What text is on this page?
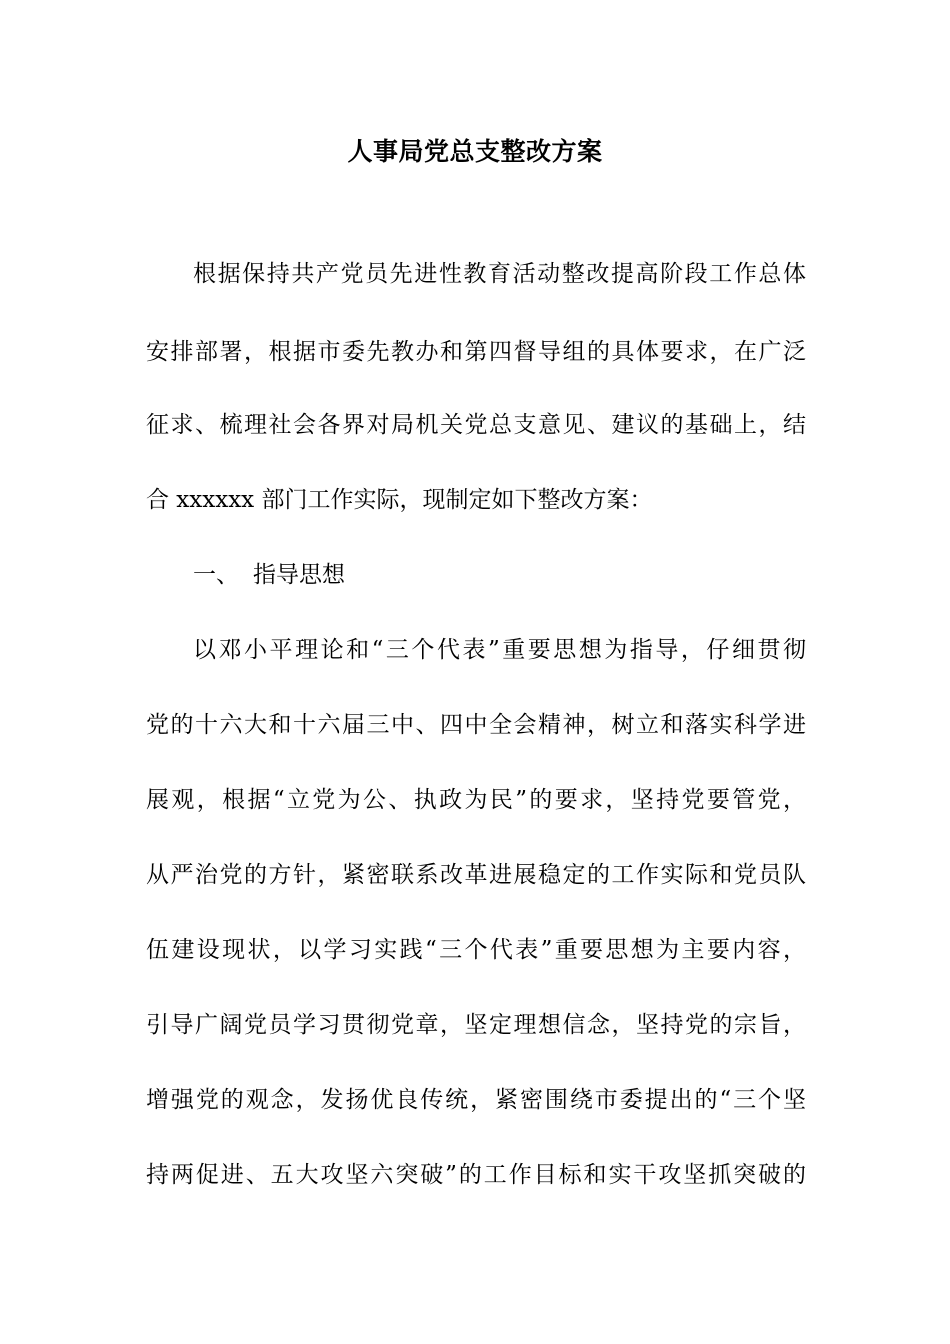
人事局党总支整改方案
根据保持共产党员先进性教育活动整改提高阶段工作总体
安排部署，根据市委先教办和第四督导组的具体要求，在广泛
征求、梳理社会各界对局机关党总支意见、建议的基础上，结
合 xxxxxx 部门工作实际，现制定如下整改方案：
一、 指导思想
以邓小平理论和“三个代表”重要思想为指导，仔细贯彻
党的十六大和十六届三中、四中全会精神，树立和落实科学进
展观，根据“立党为公、执政为民”的要求，坚持党要管党，
从严治党的方针，紧密联系改革进展稳定的工作实际和党员队
伍建设现状，以学习实践“三个代表”重要思想为主要内容，
引导广阔党员学习贯彻党章，坚定理想信念，坚持党的宗旨，
增强党的观念，发扬优良传统，紧密围绕市委提出的“三个坚
持两促进、五大攻坚六突破”的工作目标和实干攻坚抓突破的
